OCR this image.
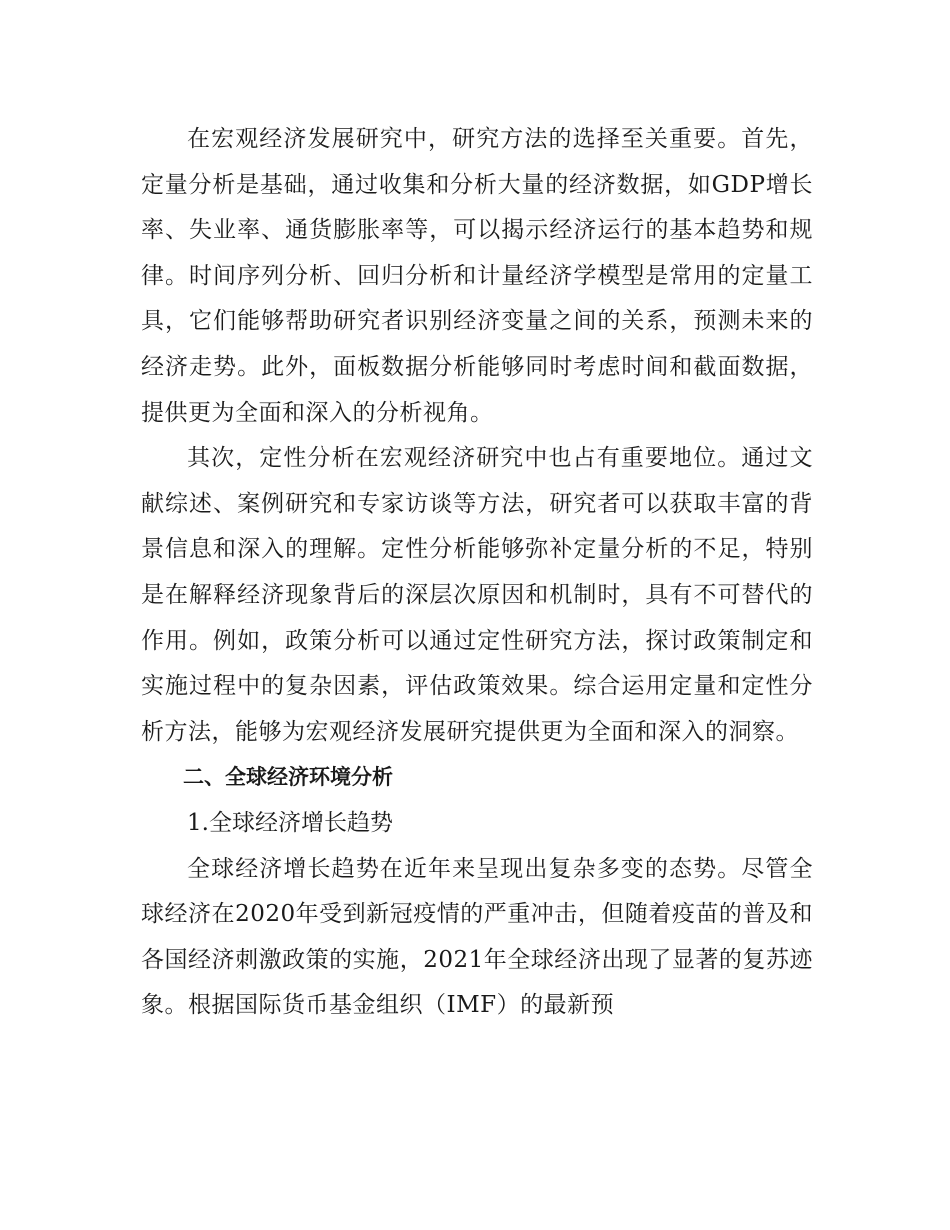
在宏观经济发展研究中，研究方法的选择至关重要。首先，定量分析是基础，通过收集和分析大量的经济数据，如GDP增长率、失业率、通货膨胀率等，可以揭示经济运行的基本趋势和规律。时间序列分析、回归分析和计量经济学模型是常用的定量工具，它们能够帮助研究者识别经济变量之间的关系，预测未来的经济走势。此外，面板数据分析能够同时考虑时间和截面数据，提供更为全面和深入的分析视角。

其次，定性分析在宏观经济研究中也占有重要地位。通过文献综述、案例研究和专家访谈等方法，研究者可以获取丰富的背景信息和深入的理解。定性分析能够弥补定量分析的不足，特别是在解释经济现象背后的深层次原因和机制时，具有不可替代的作用。例如，政策分析可以通过定性研究方法，探讨政策制定和实施过程中的复杂因素，评估政策效果。综合运用定量和定性分析方法，能够为宏观经济发展研究提供更为全面和深入的洞察。

二、全球经济环境分析

1.全球经济增长趋势

全球经济增长趋势在近年来呈现出复杂多变的态势。尽管全球经济在2020年受到新冠疫情的严重冲击，但随着疫苗的普及和各国经济刺激政策的实施，2021年全球经济出现了显著的复苏迹象。根据国际货币基金组织（IMF）的最新预
